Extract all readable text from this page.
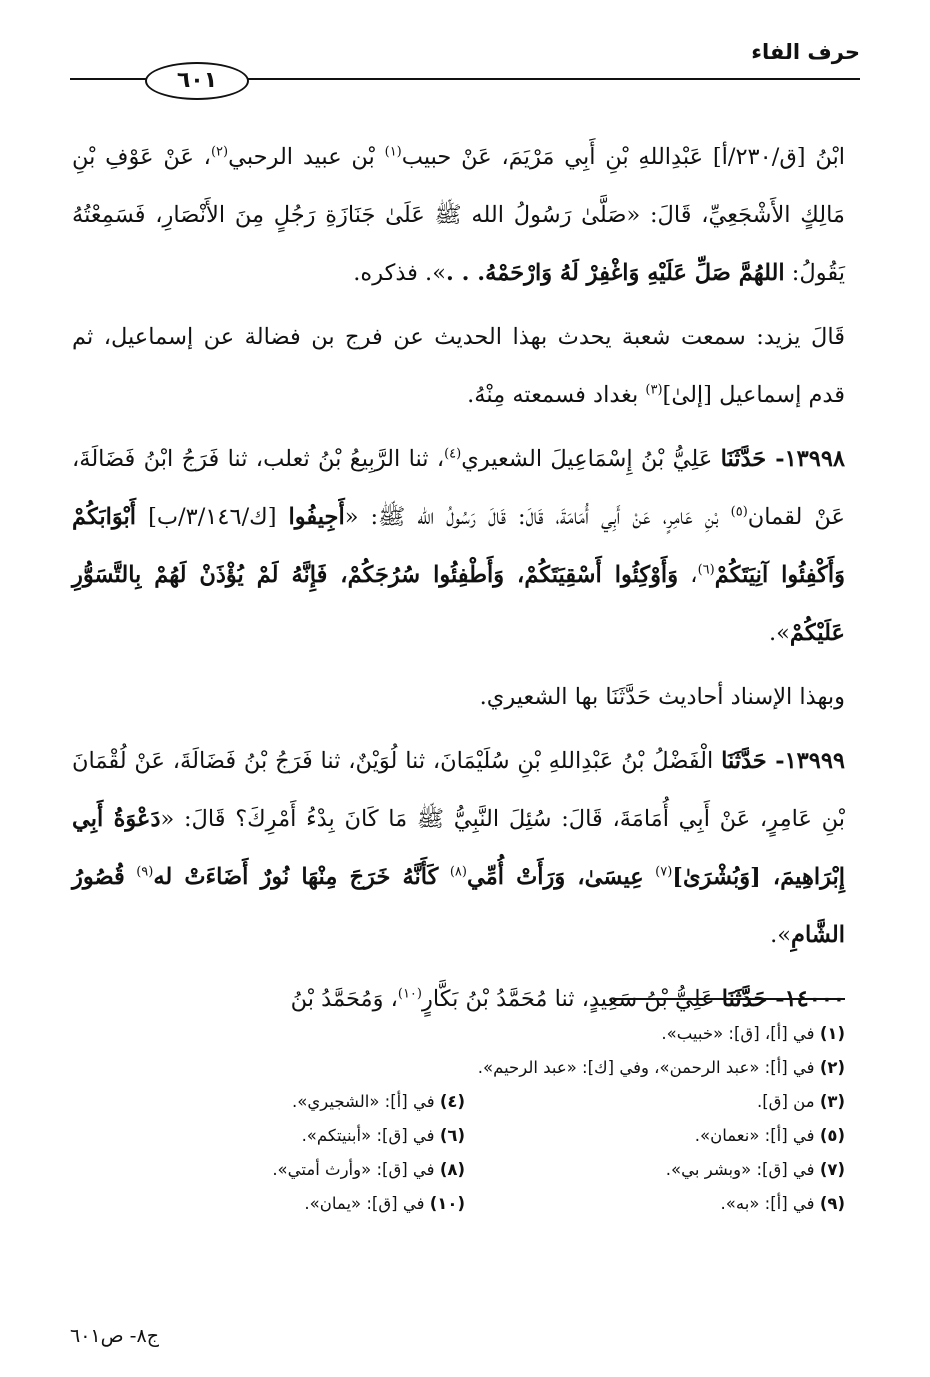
حرف الفاء
٦٠١

ابْنُ [ق/٢٣٠/أ] عَبْدِاللهِ بْنِ أَبِي مَرْيَمَ، عَنْ حبيب$^{(١)}$ بْن عبيد الرحبي$^{(٢)}$، عَنْ عَوْفِ بْنِ مَالِكٍ الأَشْجَعِيِّ، قَالَ: «صَلَّىٰ رَسُولُ الله ﷺ عَلَىٰ جَنَازَةِ رَجُلٍ مِنَ الأَنْصَارِ، فَسَمِعْتُهُ يَقُولُ: اللهُمَّ صَلِّ عَلَيْهِ وَاغْفِرْ لَهُ وَارْحَمْهُ. . .». فذكره.

قَالَ يزيد: سمعت شعبة يحدث بهذا الحديث عن فرج بن فضالة عن إسماعيل، ثم قدم إسماعيل [إلىٰ]$^{(٣)}$ بغداد فسمعته مِنْهُ.

١٣٩٩٨- حَدَّثَنَا عَلِيُّ بْنُ إِسْمَاعِيلَ الشعيري$^{(٤)}$، ثنا الرَّبِيعُ بْنُ ثعلب، ثنا فَرَجُ ابْنُ فَضَالَةَ، عَنْ لقمان$^{(٥)}$ بْنِ عَامِرٍ، عَنْ أَبِي أُمَامَةَ، قَالَ: قَالَ رَسُولُ الله ﷺ: «أَجِيفُوا [ك/٣/١٤٦/ب] أَبْوَابَكُمْ وَأَكْفِئُوا آنِيَتَكُمْ$^{(٦)}$، وَأَوْكِئُوا أَسْقِيَتَكُمْ، وَأَطْفِئُوا سُرُجَكُمْ، فَإِنَّهُ لَمْ يُؤْذَنْ لَهُمْ بِالتَّسَوُّرِ عَلَيْكُمْ».

وبهذا الإسناد أحاديث حَدَّثَنَا بها الشعيري.

١٣٩٩٩- حَدَّثَنَا الْفَضْلُ بْنُ عَبْدِاللهِ بْنِ سُلَيْمَانَ، ثنا لُوَيْنٌ، ثنا فَرَجُ بْنُ فَضَالَةَ، عَنْ لُقْمَانَ بْنِ عَامِرٍ، عَنْ أَبِي أُمَامَةَ، قَالَ: سُئِلَ النَّبِيُّ ﷺ مَا كَانَ بِدْءُ أَمْرِكَ؟ قَالَ: «دَعْوَةُ أَبِي إِبْرَاهِيمَ، [وَبُشْرَىٰ]$^{(٧)}$ عِيسَىٰ، وَرَأَتْ أُمِّي$^{(٨)}$ كَأَنَّهُ خَرَجَ مِنْهَا نُورٌ أَضَاءَتْ له$^{(٩)}$ قُصُورُ الشَّامِ».

١٤٠٠٠- حَدَّثَنَا عَلِيُّ بْنُ سَعِيدٍ، ثنا مُحَمَّدُ بْنُ بَكَّارٍ$^{(١٠)}$، وَمُحَمَّدُ بْنُ

(١) في [أ]، [ق]: «خبيب».
(٢) في [أ]: «عبد الرحمن»، وفي [ك]: «عبد الرحيم».
(٣) من [ق].
(٤) في [أ]: «الشجيري».
(٥) في [أ]: «نعمان».
(٦) في [ق]: «أبنيتكم».
(٧) في [ق]: «وبشر بي».
(٨) في [ق]: «وأرث أمتي».
(٩) في [أ]: «به».
(١٠) في [ق]: «يمان».
ج٨- ص٦٠١
